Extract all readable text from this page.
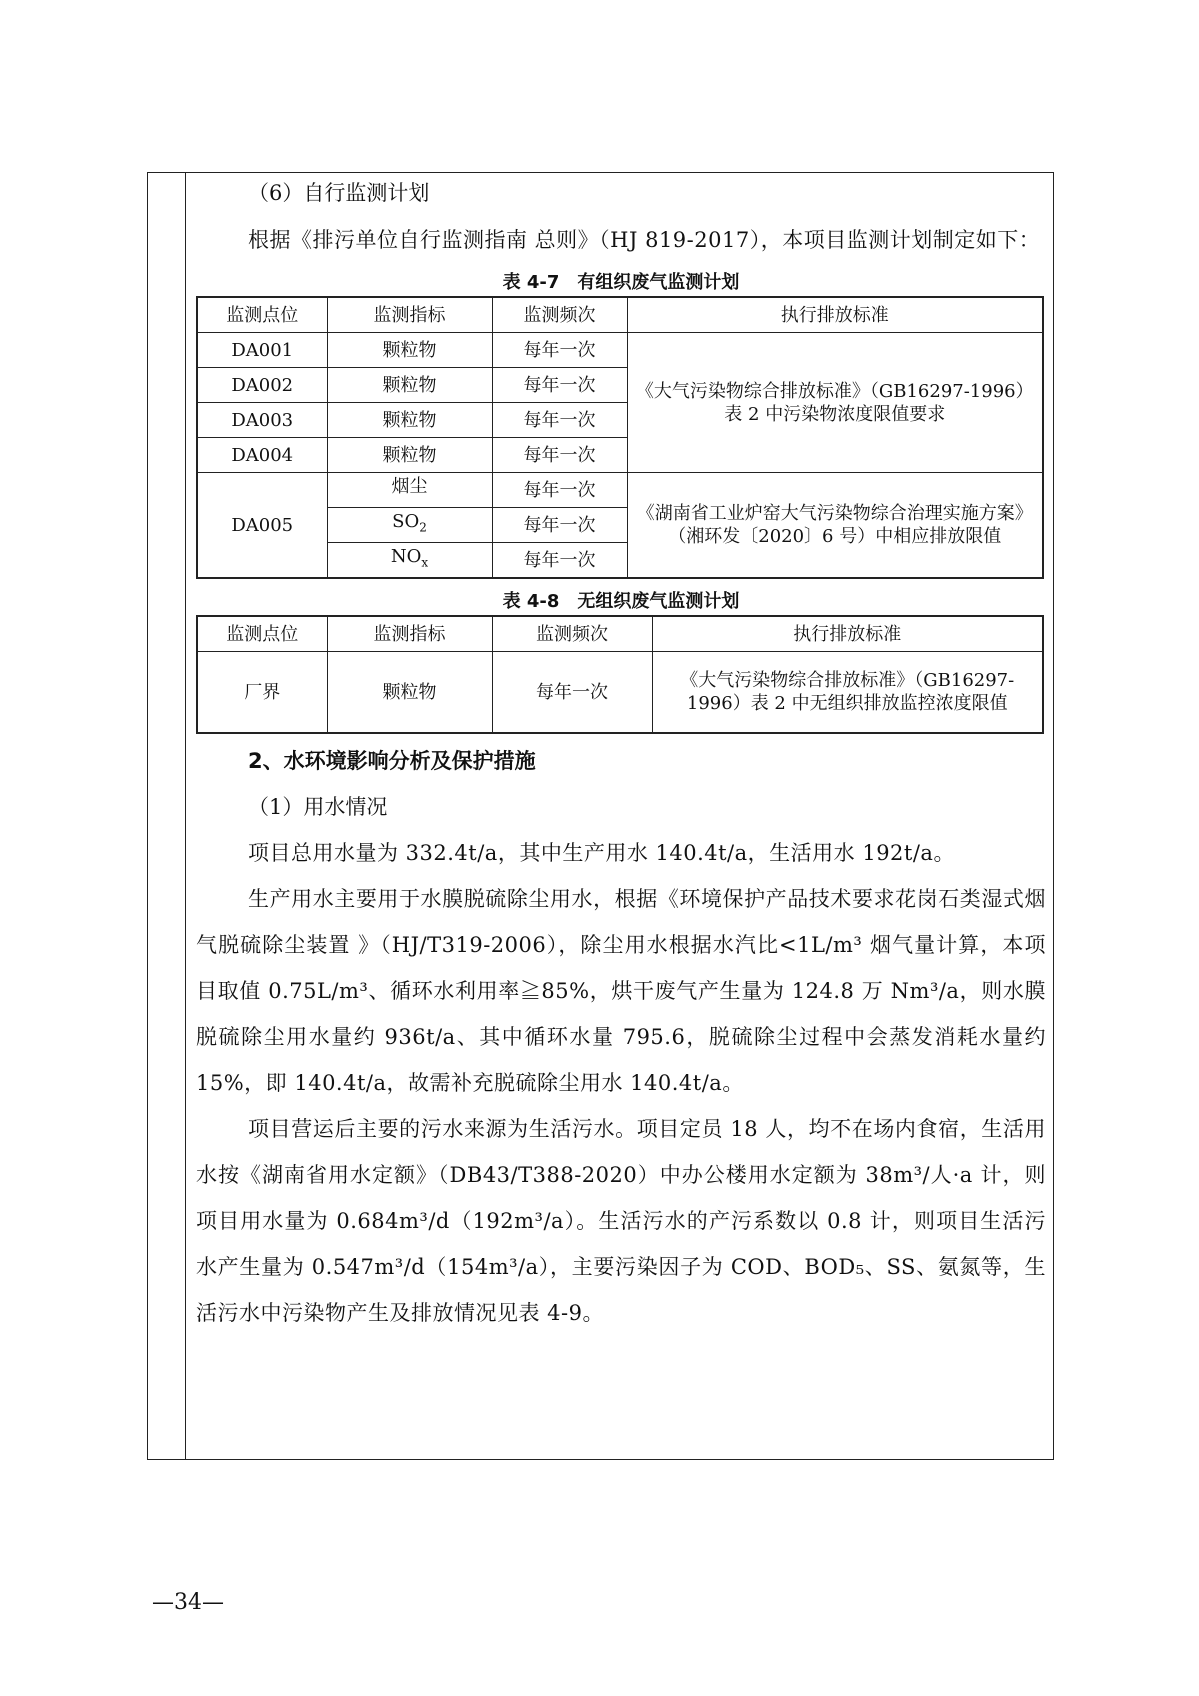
（6）自行监测计划

根据《排污单位自行监测指南 总则》（HJ 819-2017），本项目监测计划制定如下：

表 4-7　有组织废气监测计划
监测点位	监测指标	监测频次	执行排放标准
DA001	颗粒物	每年一次	《大气污染物综合排放标准》（GB16297-1996）表 2 中污染物浓度限值要求
DA002	颗粒物	每年一次	
DA003	颗粒物	每年一次	
DA004	颗粒物	每年一次	
DA005	烟尘	每年一次	《湖南省工业炉窑大气污染物综合治理实施方案》（湘环发〔2020〕6 号）中相应排放限值
	$SO_2$	每年一次	
	$NO_x$	每年一次	
表 4-8　无组织废气监测计划
监测点位	监测指标	监测频次	执行排放标准
厂界	颗粒物	每年一次	《大气污染物综合排放标准》（GB16297-1996）表 2 中无组织排放监控浓度限值

2、水环境影响分析及保护措施

（1）用水情况

项目总用水量为 332.4t/a，其中生产用水 140.4t/a，生活用水 192t/a。

生产用水主要用于水膜脱硫除尘用水，根据《环境保护产品技术要求花岗石类湿式烟气脱硫除尘装置 》（HJ/T319-2006），除尘用水根据水汽比<1L/m³ 烟气量计算，本项目取值 0.75L/m³、循环水利用率≧85%，烘干废气产生量为 124.8 万 Nm³/a，则水膜脱硫除尘用水量约 936t/a、其中循环水量 795.6，脱硫除尘过程中会蒸发消耗水量约 15%，即 140.4t/a，故需补充脱硫除尘用水 140.4t/a。

项目营运后主要的污水来源为生活污水。项目定员 18 人，均不在场内食宿，生活用水按《湖南省用水定额》（DB43/T388-2020）中办公楼用水定额为 38m³/人·a 计，则项目用水量为 0.684m³/d（192m³/a）。生活污水的产污系数以 0.8 计，则项目生活污水产生量为 0.547m³/d（154m³/a），主要污染因子为 COD、BOD₅、SS、氨氮等，生活污水中污染物产生及排放情况见表 4-9。

—34—
